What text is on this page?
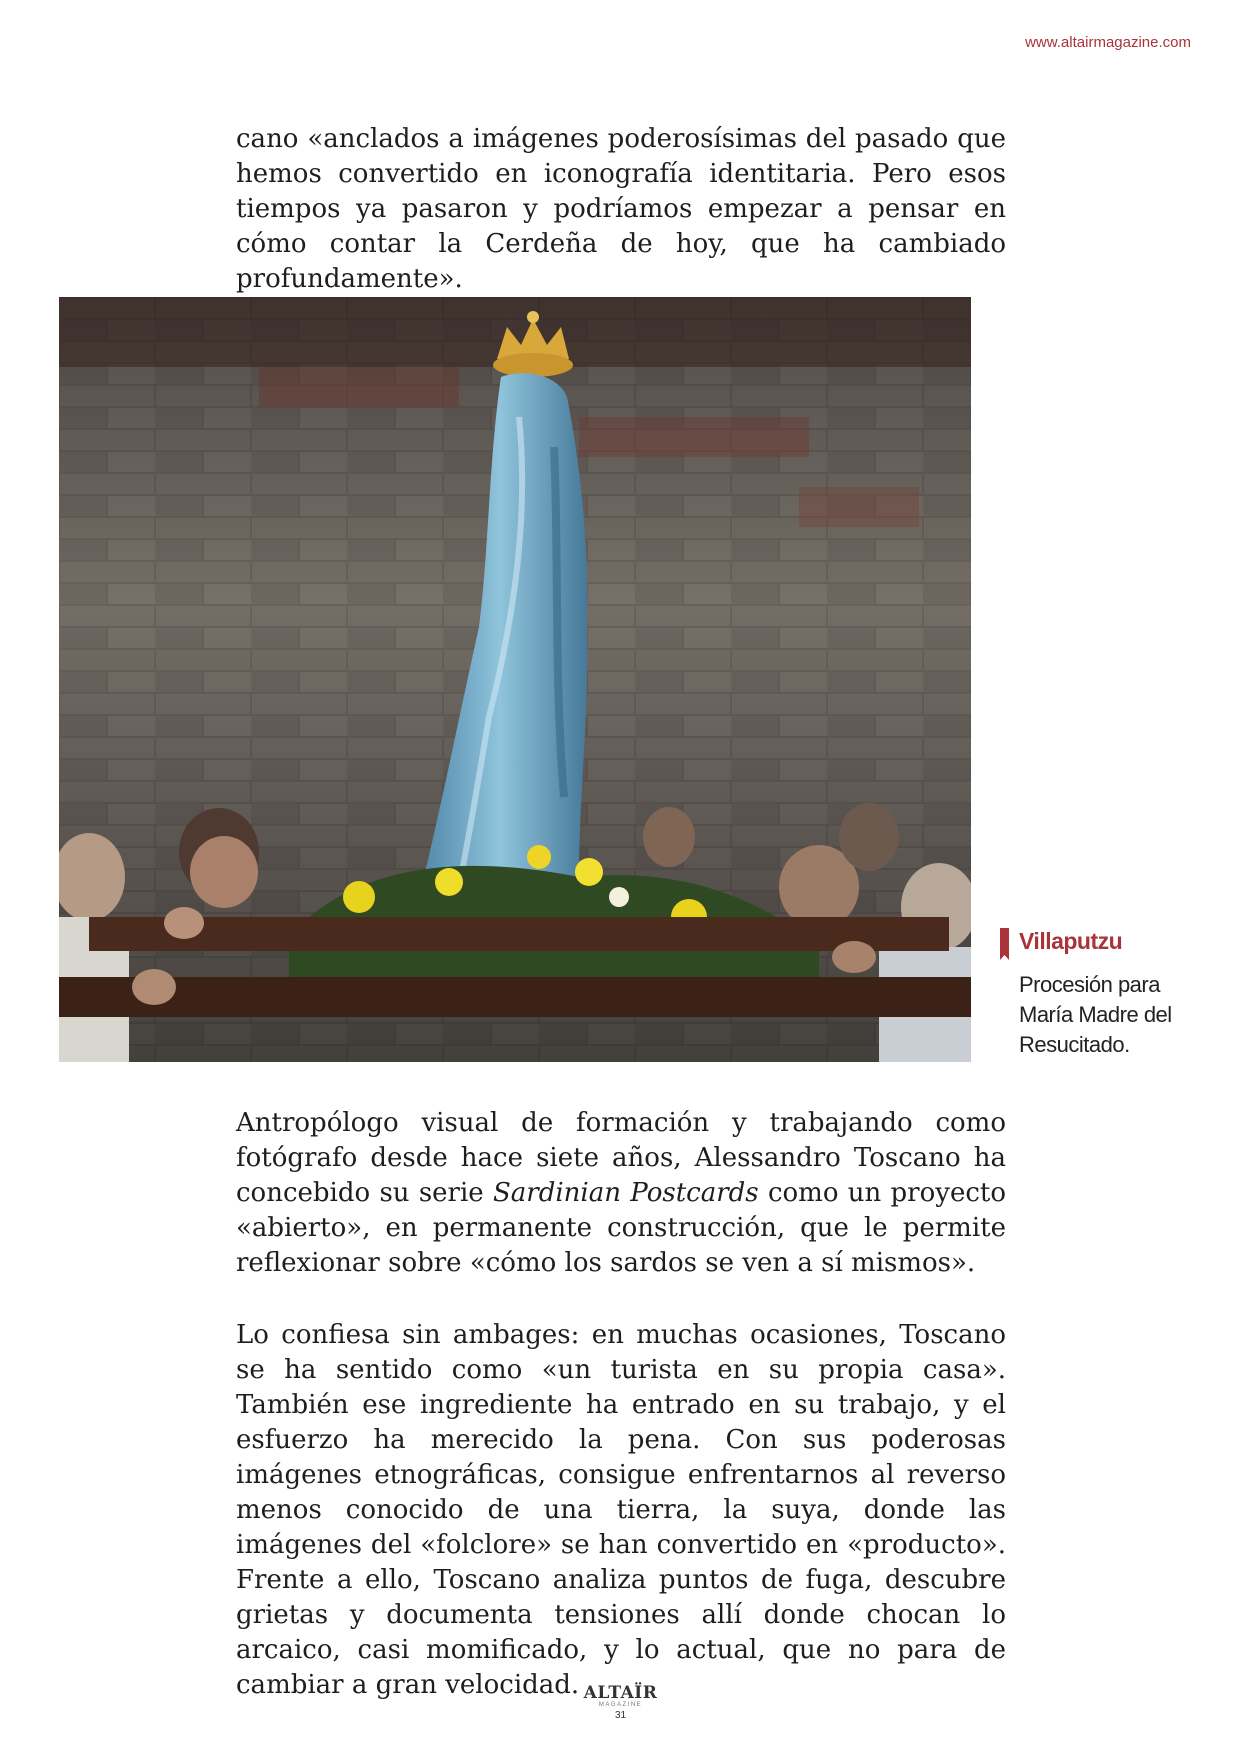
www.altairmagazine.com

cano «anclados a imágenes poderosísimas del pasado que hemos convertido en iconografía identitaria. Pero esos tiempos ya pasaron y podríamos empezar a pensar en cómo contar la Cerdeña de hoy, que ha cambiado profundamente».

Villaputzu
Procesión para María Madre del Resucitado.

Antropólogo visual de formación y trabajando como fotógrafo desde hace siete años, Alessandro Toscano ha concebido su serie Sardinian Postcards como un proyecto «abierto», en permanente construcción, que le permite reflexionar sobre «cómo los sardos se ven a sí mismos».

Lo confiesa sin ambages: en muchas ocasiones, Toscano se ha sentido como «un turista en su propia casa». También ese ingrediente ha entrado en su trabajo, y el esfuerzo ha merecido la pena. Con sus poderosas imágenes etnográficas, consigue enfrentarnos al reverso menos conocido de una tierra, la suya, donde las imágenes del «folclore» se han convertido en «producto». Frente a ello, Toscano analiza puntos de fuga, descubre grietas y documenta tensiones allí donde chocan lo arcaico, casi momificado, y lo actual, que no para de cambiar a gran velocidad. ALTAÏR
MAGAZINE
31
